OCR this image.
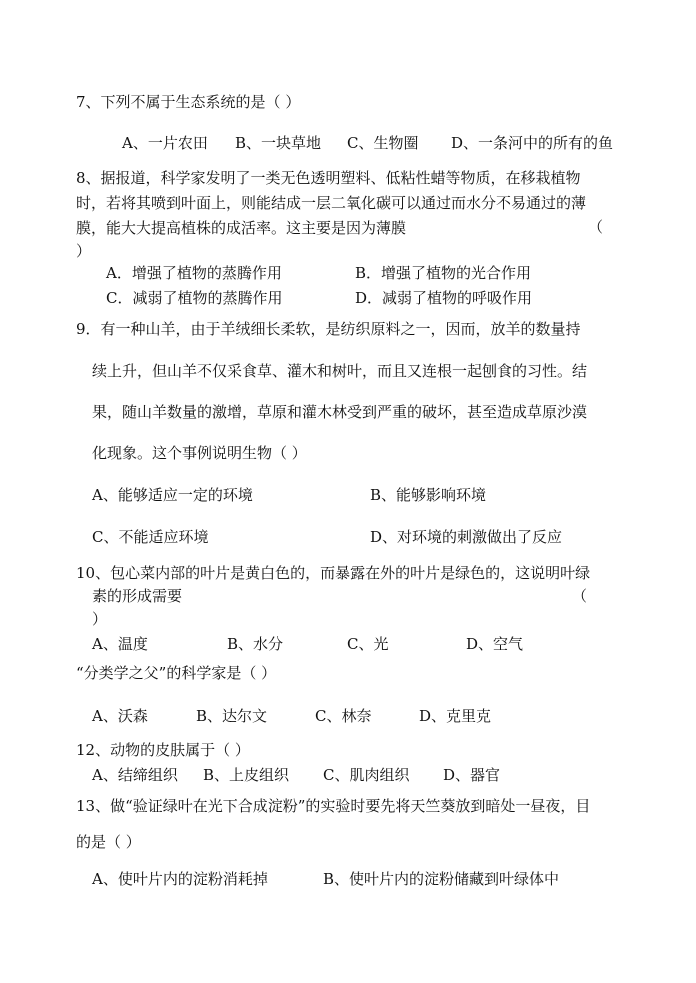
7、下列不属于生态系统的是（ ）
A、一片农田 B、一块草地 C、生物圈 D、一条河中的所有的鱼
8、据报道，科学家发明了一类无色透明塑料、低粘性蜡等物质，在移栽植物
时，若将其喷到叶面上，则能结成一层二氧化碳可以通过而水分不易通过的薄
膜，能大大提高植株的成活率。这主要是因为薄膜	（
）
A．增强了植物的蒸腾作用	B．增强了植物的光合作用
C．减弱了植物的蒸腾作用	D．减弱了植物的呼吸作用
9．有一种山羊，由于羊绒细长柔软，是纺织原料之一，因而，放羊的数量持
续上升，但山羊不仅采食草、灌木和树叶，而且又连根一起刨食的习性。结
果，随山羊数量的激增，草原和灌木林受到严重的破坏，甚至造成草原沙漠
化现象。这个事例说明生物（ ）
A、能够适应一定的环境	B、能够影响环境
C、不能适应环境	D、对环境的刺激做出了反应
10、包心菜内部的叶片是黄白色的，而暴露在外的叶片是绿色的，这说明叶绿
素的形成需要	（
）
A、温度	B、水分	C、光	D、空气
“分类学之父”的科学家是（ ）
A、沃森	B、达尔文	C、林奈	D、克里克
12、动物的皮肤属于（ ）
A、结缔组织 B、上皮组织 C、肌肉组织 D、器官
13、做“验证绿叶在光下合成淀粉”的实验时要先将天竺葵放到暗处一昼夜，目
的是（ ）
A、使叶片内的淀粉消耗掉	B、使叶片内的淀粉储藏到叶绿体中
